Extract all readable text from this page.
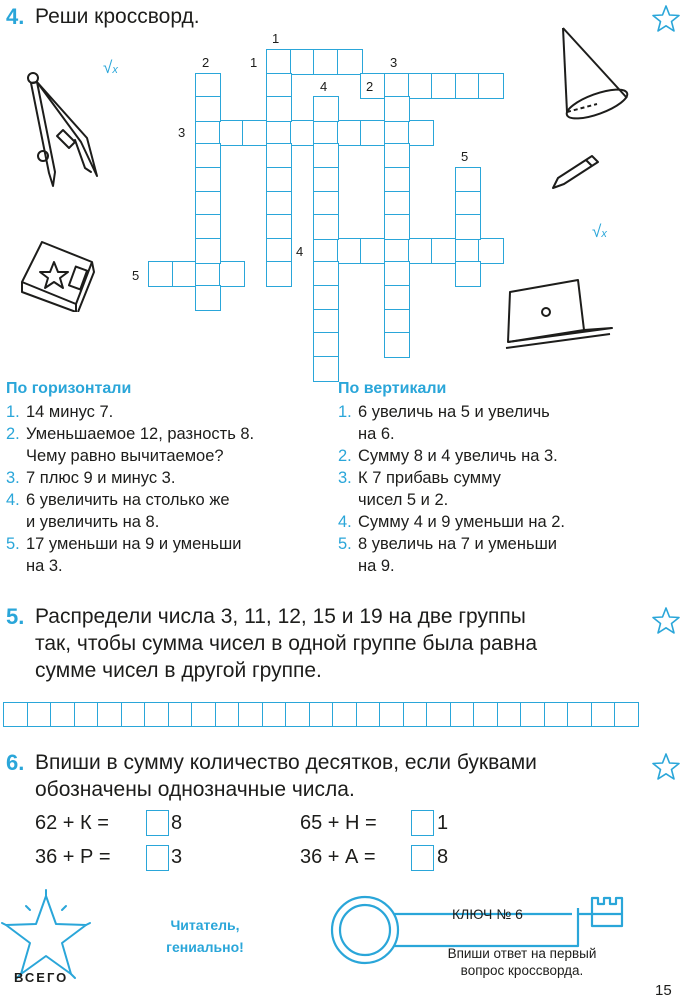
4. Реши кроссворд.
√x
√x
1
1
2	3
2
4
3
5
4
5
По горизонтали
1. 14 минус 7.
2. Уменьшаемое 12, разность 8.
Чему равно вычитаемое?
3. 7 плюс 9 и минус 3.
4. 6 увеличить на столько же
и увеличить на 8.
5. 17 уменьши на 9 и уменьши
на 3.
По вертикали
1. 6 увеличь на 5 и увеличь
на 6.
2. Сумму 8 и 4 увеличь на 3.
3. К 7 прибавь сумму
чисел 5 и 2.
4. Сумму 4 и 9 уменьши на 2.
5. 8 увеличь на 7 и уменьши
на 9.
5. Распредели числа 3, 11, 12, 15 и 19 на две группы
так, чтобы сумма чисел в одной группе была равна
сумме чисел в другой группе.
6. Впиши в сумму количество десятков, если буквами
обозначены однозначные числа.
62 + К =	8	65 + Н =	1
36 + Р =	3	36 + А =	8
ВСЕГО
Читатель,
гениально!
КЛЮЧ № 6
Впиши ответ на первый
вопрос кроссворда.
15
